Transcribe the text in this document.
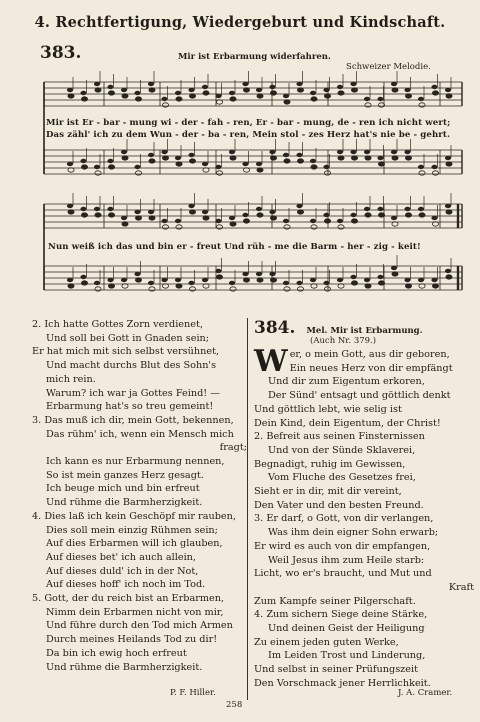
4. Rechtfertigung, Wiedergeburt und Kindschaft.
383.	Mir ist Erbarmung widerfahren.
Schweizer Melodie.
Mir ist Er - bar - mung wi - der - fah - ren, Er - bar - mung, de - ren ich nicht wert;
Das zähl' ich zu dem Wun - der - ba - ren, Mein stol - zes Herz hat's nie be - gehrt.
Nun weiß ich das und bin er - freut Und rüh - me die Barm - her - zig - keit!
2. Ich hatte Gottes Zorn verdienet,
Und soll bei Gott in Gnaden sein;
Er hat mich mit sich selbst versühnet,
Und macht durchs Blut des Sohn's
mich rein.
Warum? ich war ja Gottes Feind! —
Erbarmung hat's so treu gemeint!
3. Das muß ich dir, mein Gott, bekennen,
Das rühm' ich, wenn ein Mensch mich
fragt;
Ich kann es nur Erbarmung nennen,
So ist mein ganzes Herz gesagt.
Ich beuge mich und bin erfreut
Und rühme die Barmherzigkeit.
4. Dies laß ich kein Geschöpf mir rauben,
Dies soll mein einzig Rühmen sein;
Auf dies Erbarmen will ich glauben,
Auf dieses bet' ich auch allein,
Auf dieses duld' ich in der Not,
Auf dieses hoff' ich noch im Tod.
5. Gott, der du reich bist an Erbarmen,
Nimm dein Erbarmen nicht von mir,
Und führe durch den Tod mich Armen
Durch meines Heilands Tod zu dir!
Da bin ich ewig hoch erfreut
Und rühme die Barmherzigkeit.
P. F. Hiller.
384. Mel. Mir ist Erbarmung.
(Auch Nr. 379.)
W er, o mein Gott, aus dir geboren,
Ein neues Herz von dir empfängt
Und dir zum Eigentum erkoren,
Der Sünd' entsagt und göttlich denkt
Und göttlich lebt, wie selig ist
Dein Kind, dein Eigentum, der Christ!
2. Befreit aus seinen Finsternissen
Und von der Sünde Sklaverei,
Begnadigt, ruhig im Gewissen,
Vom Fluche des Gesetzes frei,
Sieht er in dir, mit dir vereint,
Den Vater und den besten Freund.
3. Er darf, o Gott, von dir verlangen,
Was ihm dein eigner Sohn erwarb;
Er wird es auch von dir empfangen,
Weil Jesus ihm zum Heile starb:
Licht, wo er's braucht, und Mut und
Kraft
Zum Kampfe seiner Pilgerschaft.
4. Zum sichern Siege deine Stärke,
Und deinen Geist der Heiligung
Zu einem jeden guten Werke,
Im Leiden Trost und Linderung,
Und selbst in seiner Prüfungszeit
Den Vorschmack jener Herrlichkeit.
J. A. Cramer.
258
